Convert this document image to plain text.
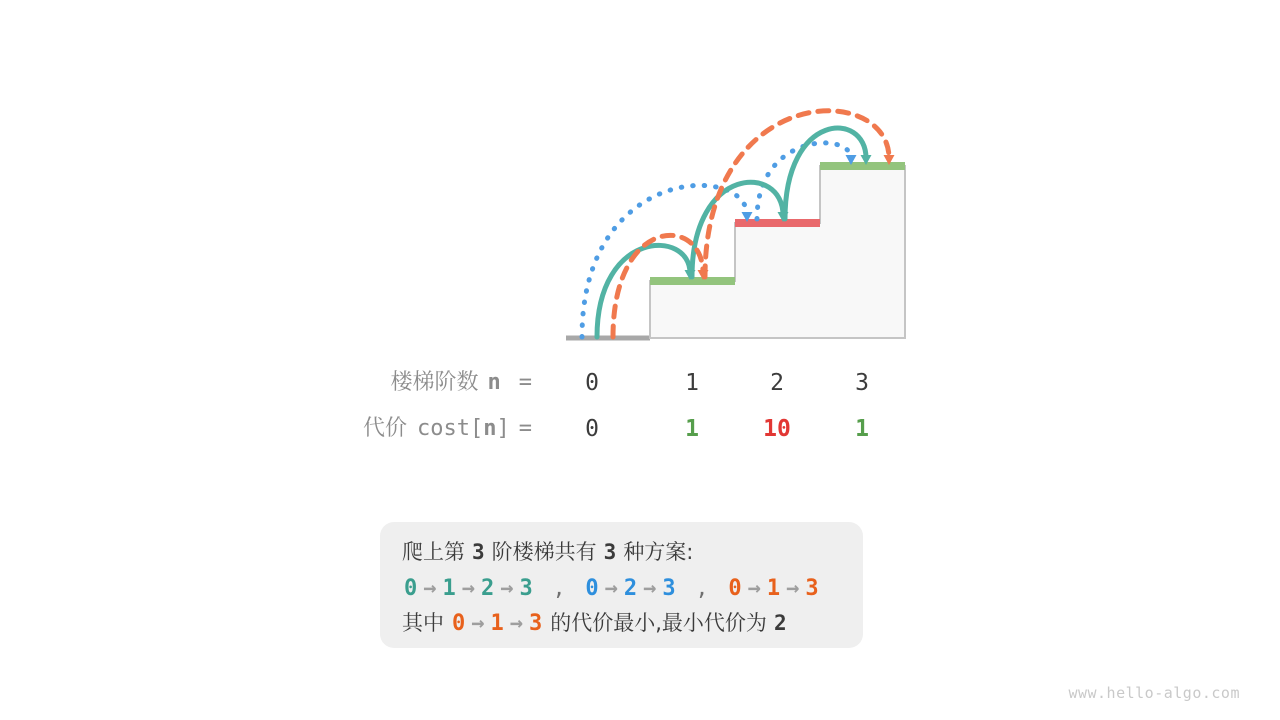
楼梯阶数 n = 0	1	2	3
代价 cost[n] = 0	1	10	1
爬上第 3 阶楼梯共有 3 种方案:
0 → 1 → 2 → 3 , 0 → 2 → 3 , 0 → 1 → 3
其中 0 → 1 → 3 的代价最小,最小代价为 2
www.hello-algo.com
